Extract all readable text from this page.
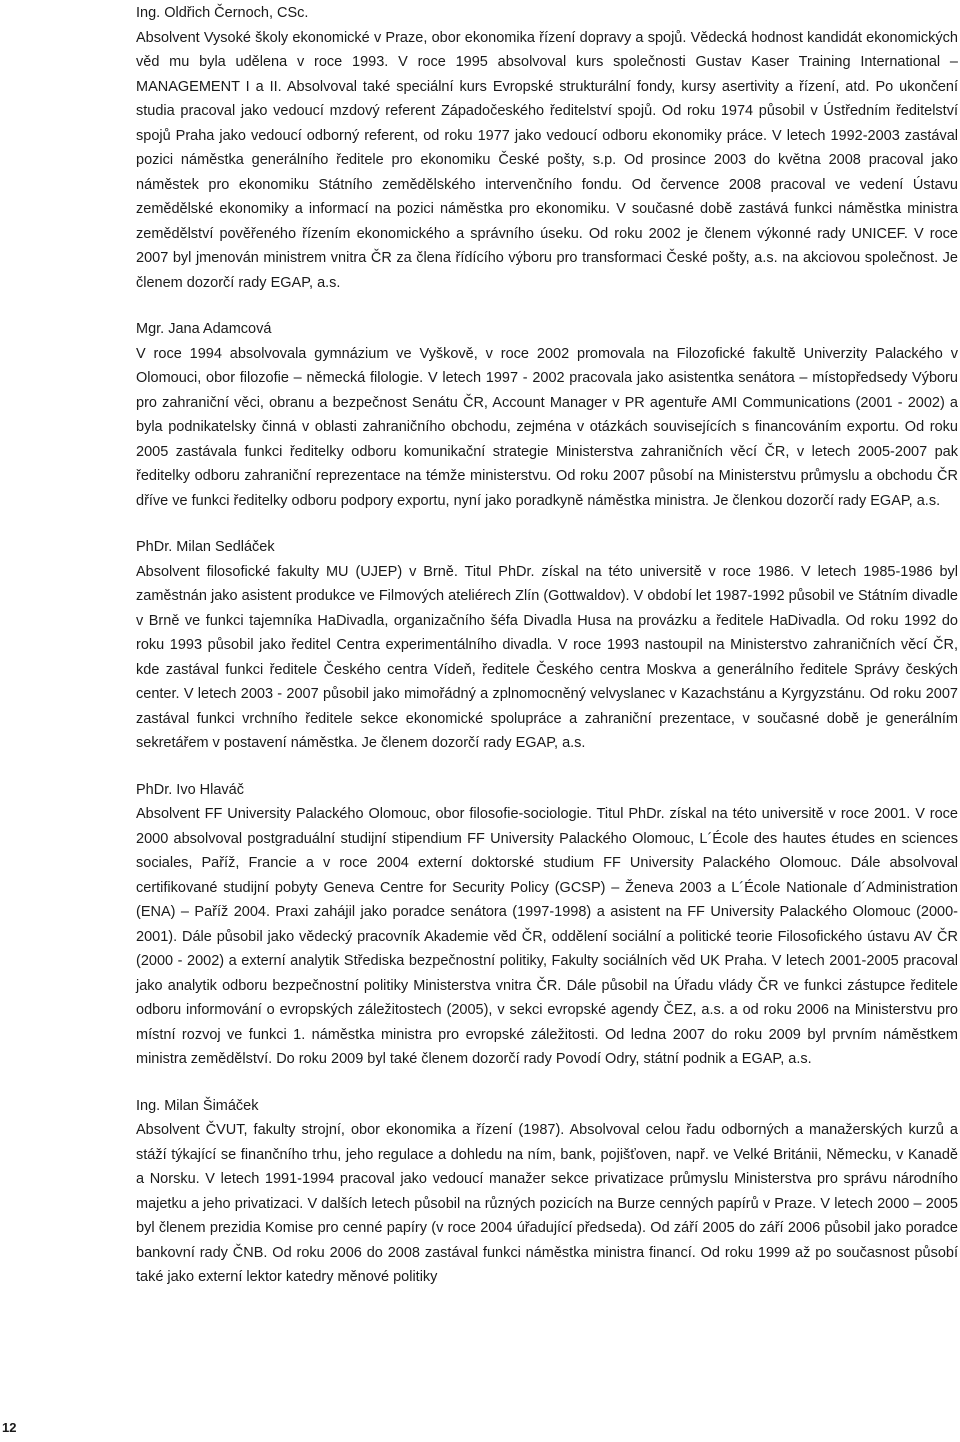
Ing. Oldřich Černoch, CSc.

Absolvent Vysoké školy ekonomické v Praze, obor ekonomika řízení dopravy a spojů. Vědecká hodnost kandidát ekonomických věd mu byla udělena v roce 1993. V roce 1995 absolvoval kurs společnosti Gustav Kaser Training International – MANAGEMENT I a II. Absolvoval také speciální kurs Evropské strukturální fondy, kursy asertivity a řízení, atd. Po ukončení studia pracoval jako vedoucí mzdový referent Západočeského ředitelství spojů. Od roku 1974 působil v Ústředním ředitelství spojů Praha jako vedoucí odborný referent, od roku 1977 jako vedoucí odboru ekonomiky práce. V letech 1992-2003 zastával pozici náměstka generálního ředitele pro ekonomiku České pošty, s.p. Od prosince 2003 do května 2008 pracoval jako náměstek pro ekonomiku Státního zemědělského intervenčního fondu. Od července 2008 pracoval ve vedení Ústavu zemědělské ekonomiky a informací na pozici náměstka pro ekonomiku. V současné době zastává funkci náměstka ministra zemědělství pověřeného řízením ekonomického a správního úseku. Od roku 2002 je členem výkonné rady UNICEF. V roce 2007 byl jmenován ministrem vnitra ČR za člena řídícího výboru pro transformaci České pošty, a.s. na akciovou společnost. Je členem dozorčí rady EGAP, a.s.

Mgr. Jana Adamcová

V roce 1994 absolvovala gymnázium ve Vyškově, v roce 2002 promovala na Filozofické fakultě Univerzity Palackého v Olomouci, obor filozofie – německá filologie. V letech 1997 - 2002 pracovala jako asistentka senátora – místopředsedy Výboru pro zahraniční věci, obranu a bezpečnost Senátu ČR, Account Manager v PR agentuře AMI Communications (2001 - 2002) a byla podnikatelsky činná v oblasti zahraničního obchodu, zejména v otázkách souvisejících s financováním exportu. Od roku 2005 zastávala funkci ředitelky odboru komunikační strategie Ministerstva zahraničních věcí ČR, v letech 2005-2007 pak ředitelky odboru zahraniční reprezentace na témže ministerstvu. Od roku 2007 působí na Ministerstvu průmyslu a obchodu ČR dříve ve funkci ředitelky odboru podpory exportu, nyní jako poradkyně náměstka ministra. Je členkou dozorčí rady EGAP, a.s.

PhDr. Milan Sedláček

Absolvent filosofické fakulty MU (UJEP) v Brně. Titul PhDr. získal na této universitě v roce 1986. V letech 1985-1986 byl zaměstnán jako asistent produkce ve Filmových ateliérech Zlín (Gottwaldov). V období let 1987-1992 působil ve Státním divadle v Brně ve funkci tajemníka HaDivadla, organizačního šéfa Divadla Husa na provázku a ředitele HaDivadla. Od roku 1992 do roku 1993 působil jako ředitel Centra experimentálního divadla. V roce 1993 nastoupil na Ministerstvo zahraničních věcí ČR, kde zastával funkci ředitele Českého centra Vídeň, ředitele Českého centra Moskva a generálního ředitele Správy českých center. V letech 2003 - 2007 působil jako mimořádný a zplnomocněný velvyslanec v Kazachstánu a Kyrgyzstánu. Od roku 2007 zastával funkci vrchního ředitele sekce ekonomické spolupráce a zahraniční prezentace, v současné době je generálním sekretářem v postavení náměstka. Je členem dozorčí rady EGAP, a.s.

PhDr. Ivo Hlaváč

Absolvent FF University Palackého Olomouc, obor filosofie-sociologie. Titul PhDr. získal na této universitě v roce 2001. V roce 2000 absolvoval postgraduální studijní stipendium FF University Palackého Olomouc, L´École des hautes études en sciences sociales, Paříž, Francie a v roce 2004 externí doktorské studium FF University Palackého Olomouc. Dále absolvoval certifikované studijní pobyty Geneva Centre for Security Policy (GCSP) – Ženeva 2003 a L´École Nationale d´Administration (ENA) – Paříž 2004. Praxi zahájil jako poradce senátora (1997-1998) a asistent na FF University Palackého Olomouc (2000-2001). Dále působil jako vědecký pracovník Akademie věd ČR, oddělení sociální a politické teorie Filosofického ústavu AV ČR (2000 - 2002) a externí analytik Střediska bezpečnostní politiky, Fakulty sociálních věd UK Praha. V letech 2001-2005 pracoval jako analytik odboru bezpečnostní politiky Ministerstva vnitra ČR. Dále působil na Úřadu vlády ČR ve funkci zástupce ředitele odboru informování o evropských záležitostech (2005), v sekci evropské agendy ČEZ, a.s. a od roku 2006 na Ministerstvu pro místní rozvoj ve funkci 1. náměstka ministra pro evropské záležitosti. Od ledna 2007 do roku 2009 byl prvním náměstkem ministra zemědělství. Do roku 2009 byl také členem dozorčí rady Povodí Odry, státní podnik a EGAP, a.s.

Ing. Milan Šimáček

Absolvent ČVUT, fakulty strojní, obor ekonomika a řízení (1987). Absolvoval celou řadu odborných a manažerských kurzů a stáží týkající se finančního trhu, jeho regulace a dohledu na ním, bank, pojišťoven, např. ve Velké Británii, Německu, v Kanadě a Norsku. V letech 1991-1994 pracoval jako vedoucí manažer sekce privatizace průmyslu Ministerstva pro správu národního majetku a jeho privatizaci. V dalších letech působil na různých pozicích na Burze cenných papírů v Praze. V letech 2000 – 2005 byl členem prezidia Komise pro cenné papíry (v roce 2004 úřadující předseda). Od září 2005 do září 2006 působil jako poradce bankovní rady ČNB. Od roku 2006 do 2008 zastával funkci náměstka ministra financí. Od roku 1999 až po současnost působí také jako externí lektor katedry měnové politiky

12
